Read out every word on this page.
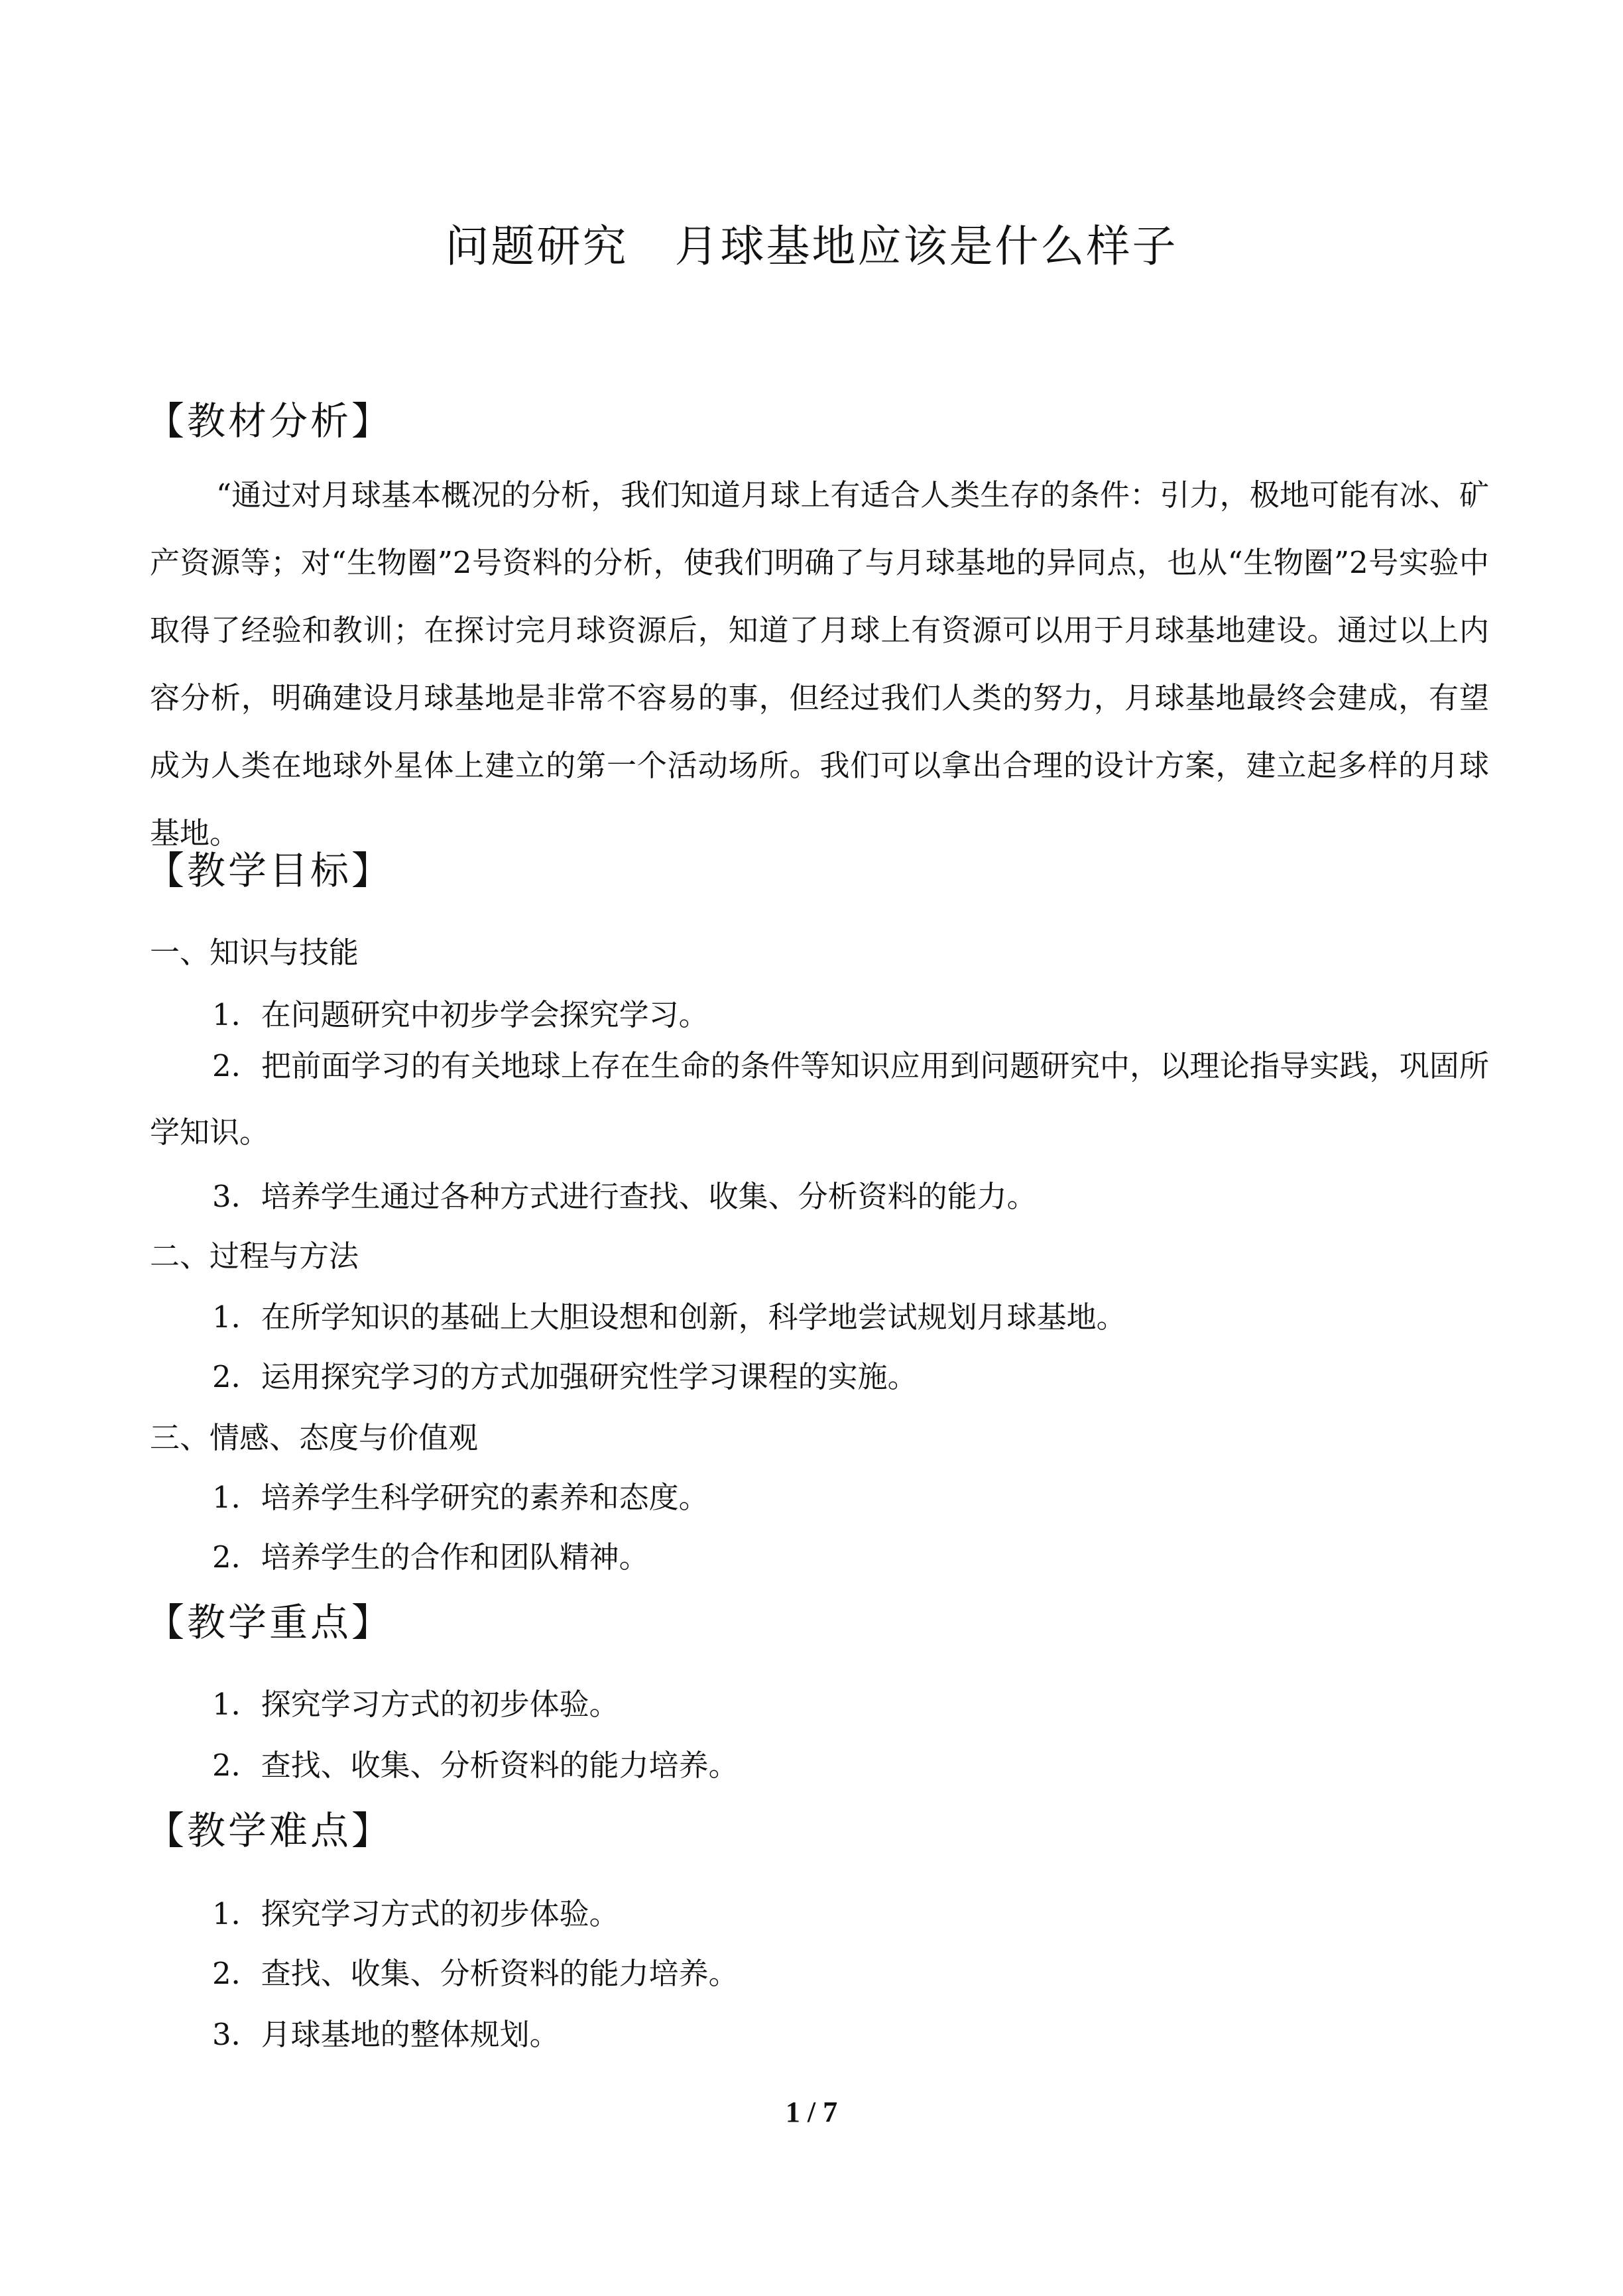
问题研究 月球基地应该是什么样子
【教材分析】

“通过对月球基本概况的分析，我们知道月球上有适合人类生存的条件：引力，极地可能有冰、矿产资源等；对“生物圈”2号资料的分析，使我们明确了与月球基地的异同点，也从“生物圈”2号实验中取得了经验和教训；在探讨完月球资源后，知道了月球上有资源可以用于月球基地建设。通过以上内容分析，明确建设月球基地是非常不容易的事，但经过我们人类的努力，月球基地最终会建成，有望成为人类在地球外星体上建立的第一个活动场所。我们可以拿出合理的设计方案，建立起多样的月球基地。

【教学目标】
一、知识与技能
1．在问题研究中初步学会探究学习。

2．把前面学习的有关地球上存在生命的条件等知识应用到问题研究中，以理论指导实践，巩固所学知识。

3．培养学生通过各种方式进行查找、收集、分析资料的能力。
二、过程与方法
1．在所学知识的基础上大胆设想和创新，科学地尝试规划月球基地。
2．运用探究学习的方式加强研究性学习课程的实施。
三、情感、态度与价值观
1．培养学生科学研究的素养和态度。
2．培养学生的合作和团队精神。
【教学重点】
1．探究学习方式的初步体验。
2．查找、收集、分析资料的能力培养。
【教学难点】
1．探究学习方式的初步体验。
2．查找、收集、分析资料的能力培养。
3．月球基地的整体规划。
1 / 7
